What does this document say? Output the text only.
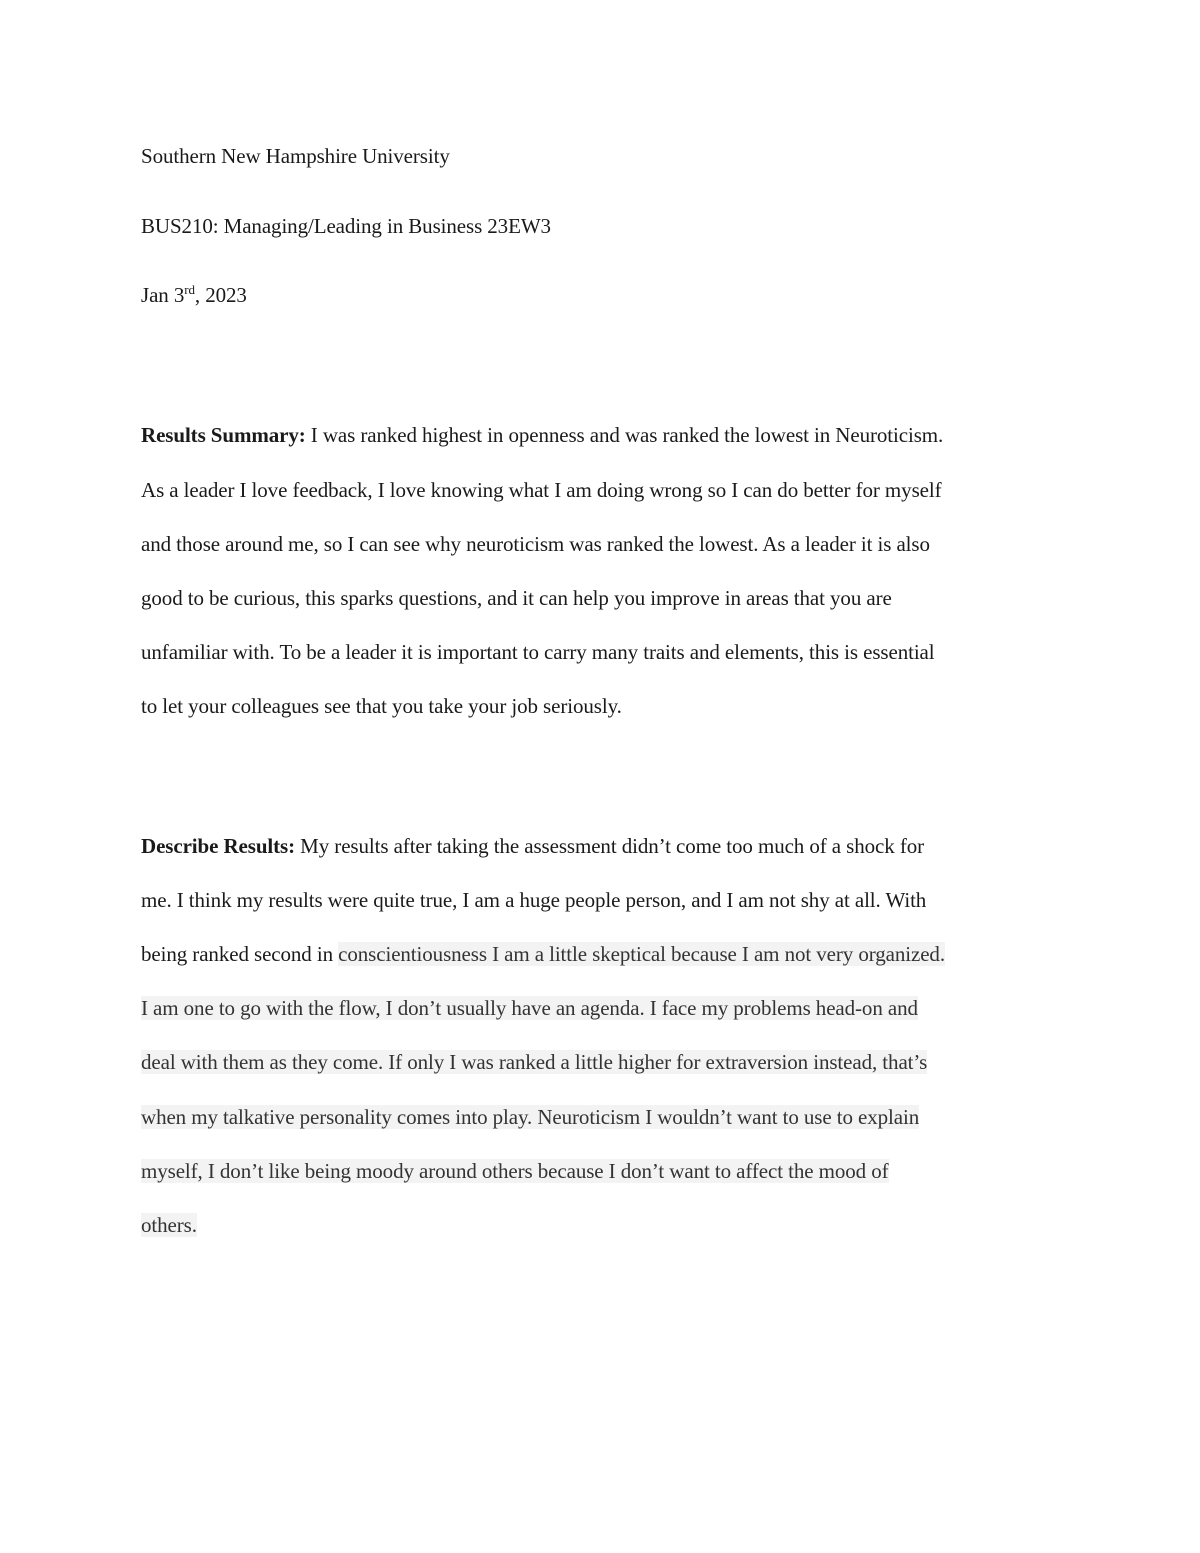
Southern New Hampshire University
BUS210: Managing/Leading in Business 23EW3
Jan 3rd, 2023
Results Summary: I was ranked highest in openness and was ranked the lowest in Neuroticism.
As a leader I love feedback, I love knowing what I am doing wrong so I can do better for myself
and those around me, so I can see why neuroticism was ranked the lowest. As a leader it is also
good to be curious, this sparks questions, and it can help you improve in areas that you are
unfamiliar with. To be a leader it is important to carry many traits and elements, this is essential
to let your colleagues see that you take your job seriously.
Describe Results: My results after taking the assessment didn’t come too much of a shock for
me. I think my results were quite true, I am a huge people person, and I am not shy at all. With
being ranked second in conscientiousness I am a little skeptical because I am not very organized.
I am one to go with the flow, I don’t usually have an agenda. I face my problems head-on and
deal with them as they come. If only I was ranked a little higher for extraversion instead, that’s
when my talkative personality comes into play. Neuroticism I wouldn’t want to use to explain
myself, I don’t like being moody around others because I don’t want to affect the mood of
others.
